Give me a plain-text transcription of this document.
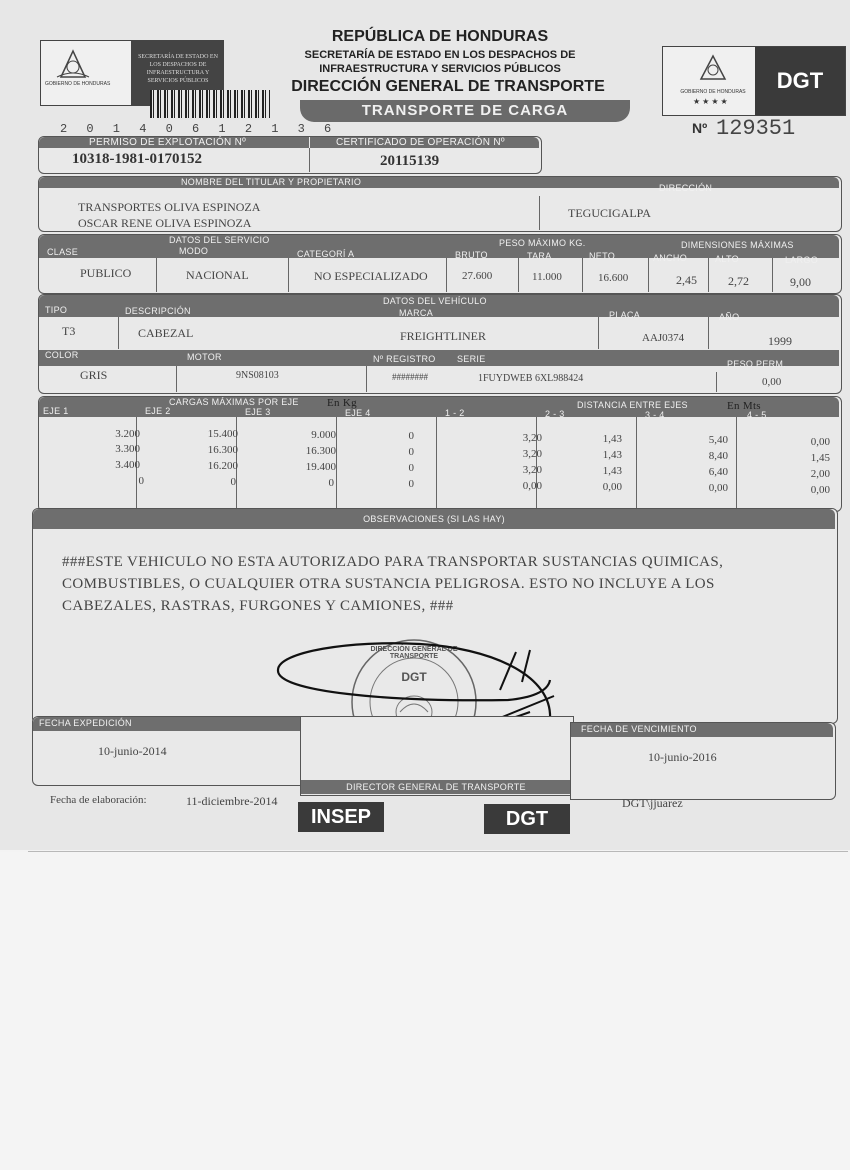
GOBIERNO DE HONDURAS
SECRETARÍA DE ESTADO EN LOS DESPACHOS DE INFRAESTRUCTURA Y SERVICIOS PÚBLICOS
2 0 1 4 0 6 1 2 1 3 6
REPÚBLICA DE HONDURAS
SECRETARÍA DE ESTADO EN LOS DESPACHOS DE
INFRAESTRUCTURA Y SERVICIOS PÚBLICOS
DIRECCIÓN GENERAL DE TRANSPORTE
TRANSPORTE DE CARGA
GOBIERNO DE HONDURAS
★ ★ ★ ★
DGT
Nº 129351
PERMISO DE EXPLOTACIÓN Nº	CERTIFICADO DE OPERACIÓN Nº
10318-1981-0170152	20115139
NOMBRE DEL TITULAR Y PROPIETARIO
DIRECCIÓN
TRANSPORTES OLIVA ESPINOZA
OSCAR RENE OLIVA ESPINOZA
TEGUCIGALPA
DATOS DEL SERVICIO	PESO MÁXIMO KG.	DIMENSIONES MÁXIMAS
CLASE	MODO	CATEGORÍ A	BRUTO	TARA	NETO	ANCHO	ALTO	LARGO
PUBLICO	NACIONAL	NO ESPECIALIZADO	27.600	11.000	16.600	2,45	2,72	9,00
DATOS DEL VEHÍCULO
TIPO	DESCRIPCIÓN	MARCA	PLACA	AÑO
T3	CABEZAL	FREIGHTLINER	AAJ0374	1999
COLOR	MOTOR	Nº REGISTRO SERIE	PESO PERM.
GRIS	9NS08103	########	1FUYDWEB 6XL988424	0,00
CARGAS MÁXIMAS POR EJE	En Kg	DISTANCIA ENTRE EJES	En Mts
EJE 1	EJE 2	EJE 3	EJE 4	1 - 2	2 - 3	3 - 4	4 - 5
3.200	15.400	9.000	0	3,20	1,43	5,40	0,00
3.300	16.300	16.300	0	3,20	1,43	8,40	1,45
3.400	16.200	19.400	0	3,20	1,43	6,40	2,00
0	0	0	0	0,00	0,00	0,00	0,00
OBSERVACIONES (SI LAS HAY)
###ESTE VEHICULO NO ESTA AUTORIZADO PARA TRANSPORTAR SUSTANCIAS QUIMICAS,
COMBUSTIBLES, O CUALQUIER OTRA SUSTANCIA PELIGROSA. ESTO NO INCLUYE A LOS
CABEZALES, RASTRAS, FURGONES Y CAMIONES, ###
DIRECCIÓN GENERAL DE TRANSPORTE
DGT
FECHA EXPEDICIÓN
10-junio-2014
DIRECTOR GENERAL DE TRANSPORTE
FECHA DE VENCIMIENTO
10-junio-2016
Fecha de elaboración:	11-diciembre-2014	DGT\jjuarez
INSEP	DGT
